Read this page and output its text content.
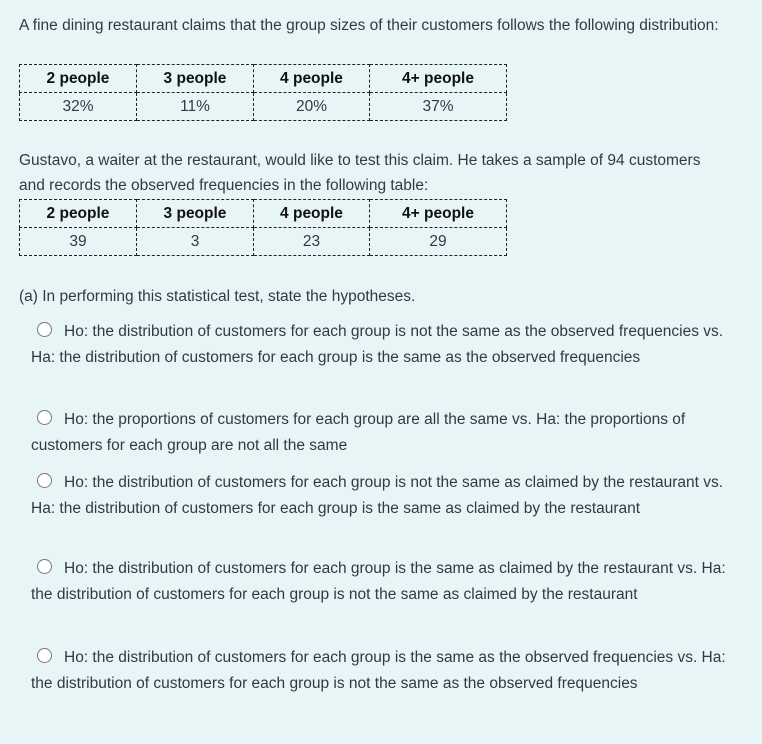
A fine dining restaurant claims that the group sizes of their customers follows the following distribution:

2 people	3 people	4 people	4+ people
32%	11%	20%	37%

Gustavo, a waiter at the restaurant, would like to test this claim. He takes a sample of 94 customers and records the observed frequencies in the following table:

2 people	3 people	4 people	4+ people
39	3	23	29

(a) In performing this statistical test, state the hypotheses.

Ho: the distribution of customers for each group is not the same as the observed frequencies vs. Ha: the distribution of customers for each group is the same as the observed frequencies
Ho: the proportions of customers for each group are all the same vs. Ha: the proportions of customers for each group are not all the same
Ho: the distribution of customers for each group is not the same as claimed by the restaurant vs. Ha: the distribution of customers for each group is the same as claimed by the restaurant
Ho: the distribution of customers for each group is the same as claimed by the restaurant vs. Ha: the distribution of customers for each group is not the same as claimed by the restaurant
Ho: the distribution of customers for each group is the same as the observed frequencies vs. Ha: the distribution of customers for each group is not the same as the observed frequencies
